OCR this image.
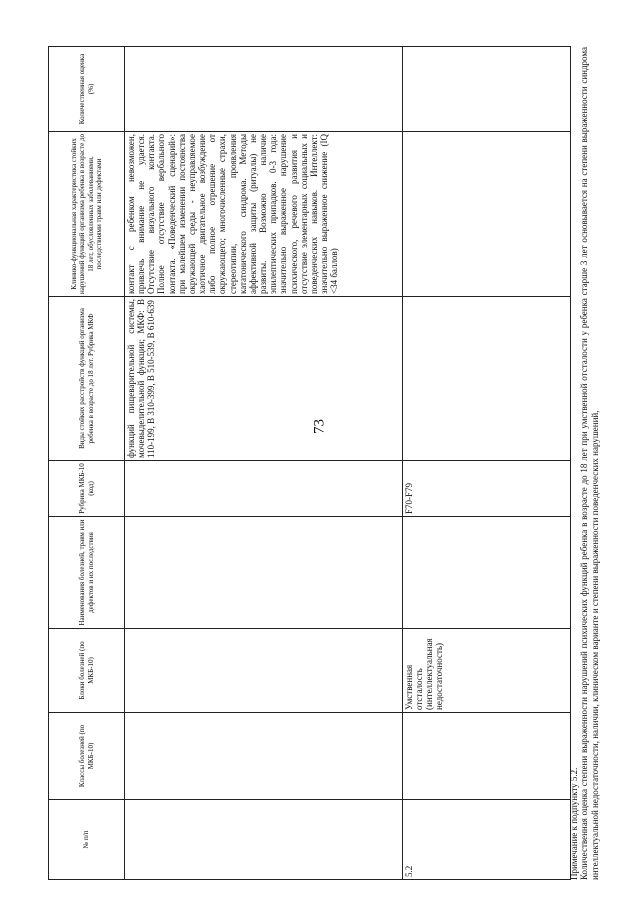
73
№ п/п	Классы болезней (по МКБ-10)	Блоки болезней (по МКБ-10)	Наименования болезней, травм или дефектов и их последствия	Рубрика МКБ-10 (код)	Виды стойких расстройств функций организма ребенка в возрасте до 18 лет. Рубрика МКФ	Клинико-функциональная характеристика стойких нарушений функций организма ребенка в возрасте до 18 лет, обусловленных заболеваниями, последствиями травм или дефектами	Количественная оценка (%)
					функций пищеварительной системы, мочевыделительной функции; МКФ: В 110-199, В 310-399, В 510-539, В 610-639	контакт с ребенком невозможен, привлечь внимание не удается. Отсутствие визуального контакта. Полное отсутствие вербального контакта. «Поведенческий сценарий»: при малейшем изменении постоянства окружающей среды - неуправляемое хаотичное двигательное возбуждение либо полное отрешение от окружающего; многочисленные страхи, стереотипии, проявления кататонического синдрома. Методы аффективной защиты (ритуалы) не развиты. Возможно наличие эпилептических припадков. 0-3 года: значительно выраженное нарушение психического, речевого развития и отсутствие элементарных социальных и поведенческих навыков. Интеллект: значительно выраженное снижение (IQ <34 баллов)	
5.2		Умственная отсталость (интеллектуальная недостаточность)		F70-F79			
Примечание к подпункту 5.2. Количественная оценка степени выраженности нарушений психических функций ребенка в возрасте до 18 лет при умственной отсталости у ребенка старше 3 лет основывается на степени выраженности синдрома интеллектуальной недостаточности, наличии, клиническом варианте и степени выраженности поведенческих нарушений,
